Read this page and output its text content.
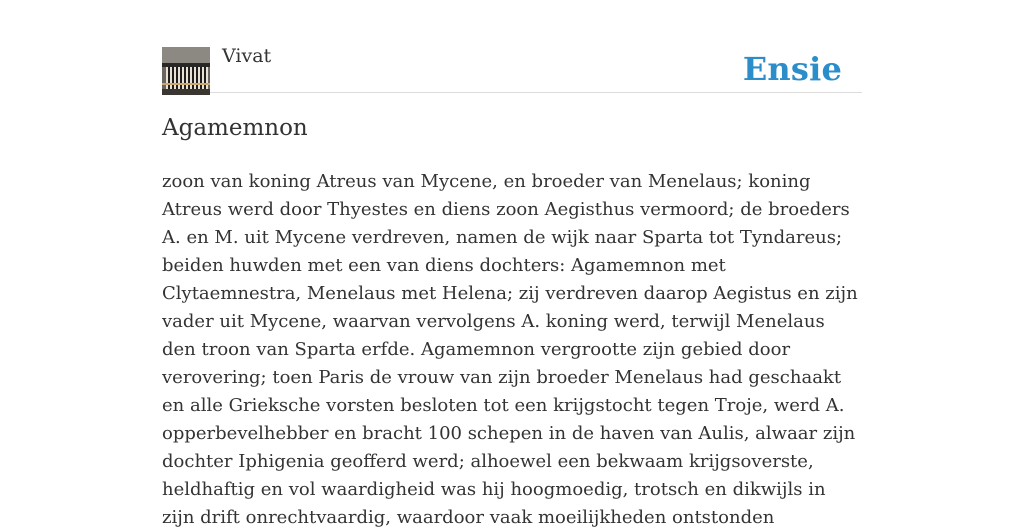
Vivat	Ensie
Agamemnon

zoon van koning Atreus van Mycene, en broeder van Menelaus; koning Atreus werd door Thyestes en diens zoon Aegisthus vermoord; de broeders A. en M. uit Mycene verdreven, namen de wijk naar Sparta tot Tyndareus; beiden huwden met een van diens dochters: Agamemnon met Clytaemnestra, Menelaus met Helena; zij verdreven daarop Aegistus en zijn vader uit Mycene, waarvan vervolgens A. koning werd, terwijl Menelaus den troon van Sparta erfde. Agamemnon vergrootte zijn gebied door verovering; toen Paris de vrouw van zijn broeder Menelaus had geschaakt en alle Grieksche vorsten besloten tot een krijgstocht tegen Troje, werd A. opperbevelhebber en bracht 100 schepen in de haven van Aulis, alwaar zijn dochter Iphigenia geofferd werd; alhoewel een bekwaam krijgsoverste, heldhaftig en vol waardigheid was hij hoogmoedig, trotsch en dikwijls in zijn drift onrechtvaardig, waardoor vaak moeilijkheden ontstonden
